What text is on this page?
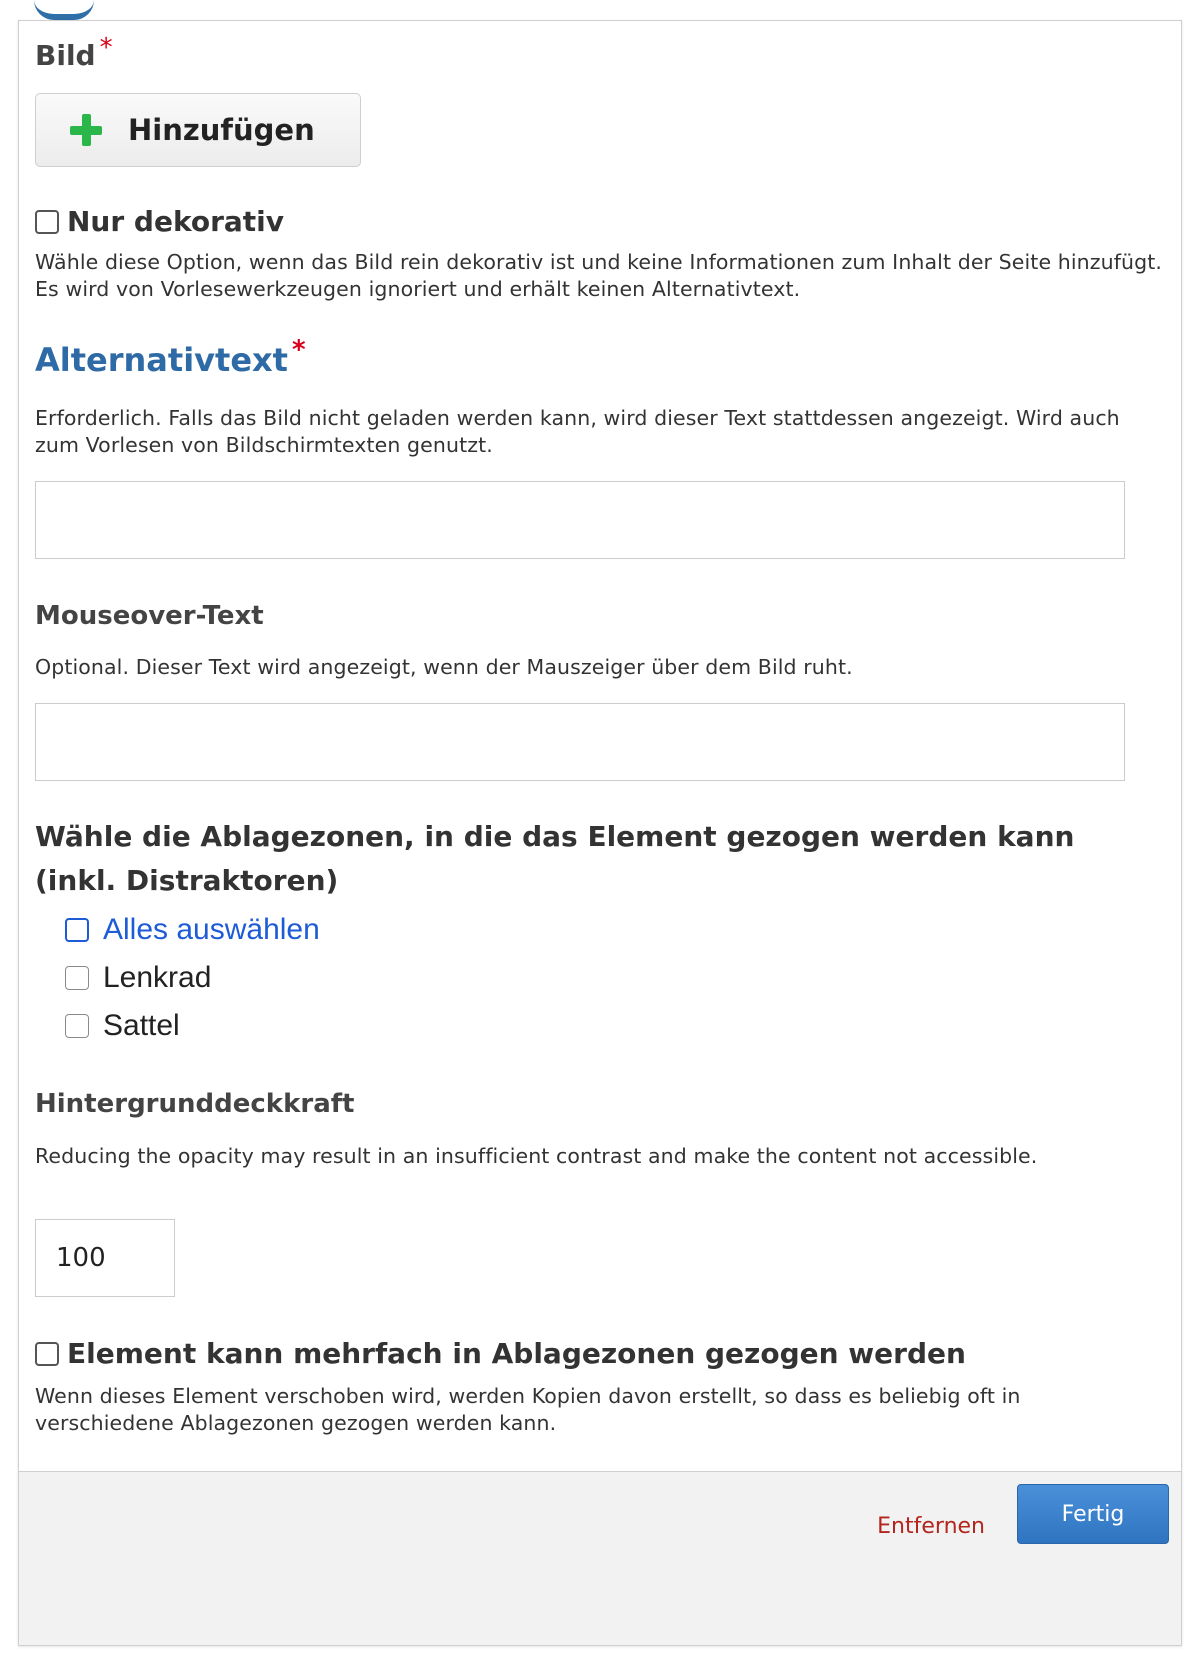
Bild *
Hinzufügen
Nur dekorativ
Wähle diese Option, wenn das Bild rein dekorativ ist und keine Informationen zum Inhalt der Seite hinzufügt. Es wird von Vorlesewerkzeugen ignoriert und erhält keinen Alternativtext.
Alternativtext *
Erforderlich. Falls das Bild nicht geladen werden kann, wird dieser Text stattdessen angezeigt. Wird auch zum Vorlesen von Bildschirmtexten genutzt.
Mouseover-Text
Optional. Dieser Text wird angezeigt, wenn der Mauszeiger über dem Bild ruht.
Wähle die Ablagezonen, in die das Element gezogen werden kann (inkl. Distraktoren)
Alles auswählen
Lenkrad
Sattel
Hintergrunddeckkraft
Reducing the opacity may result in an insufficient contrast and make the content not accessible.
100
Element kann mehrfach in Ablagezonen gezogen werden
Wenn dieses Element verschoben wird, werden Kopien davon erstellt, so dass es beliebig oft in verschiedene Ablagezonen gezogen werden kann.
Entfernen	Fertig
